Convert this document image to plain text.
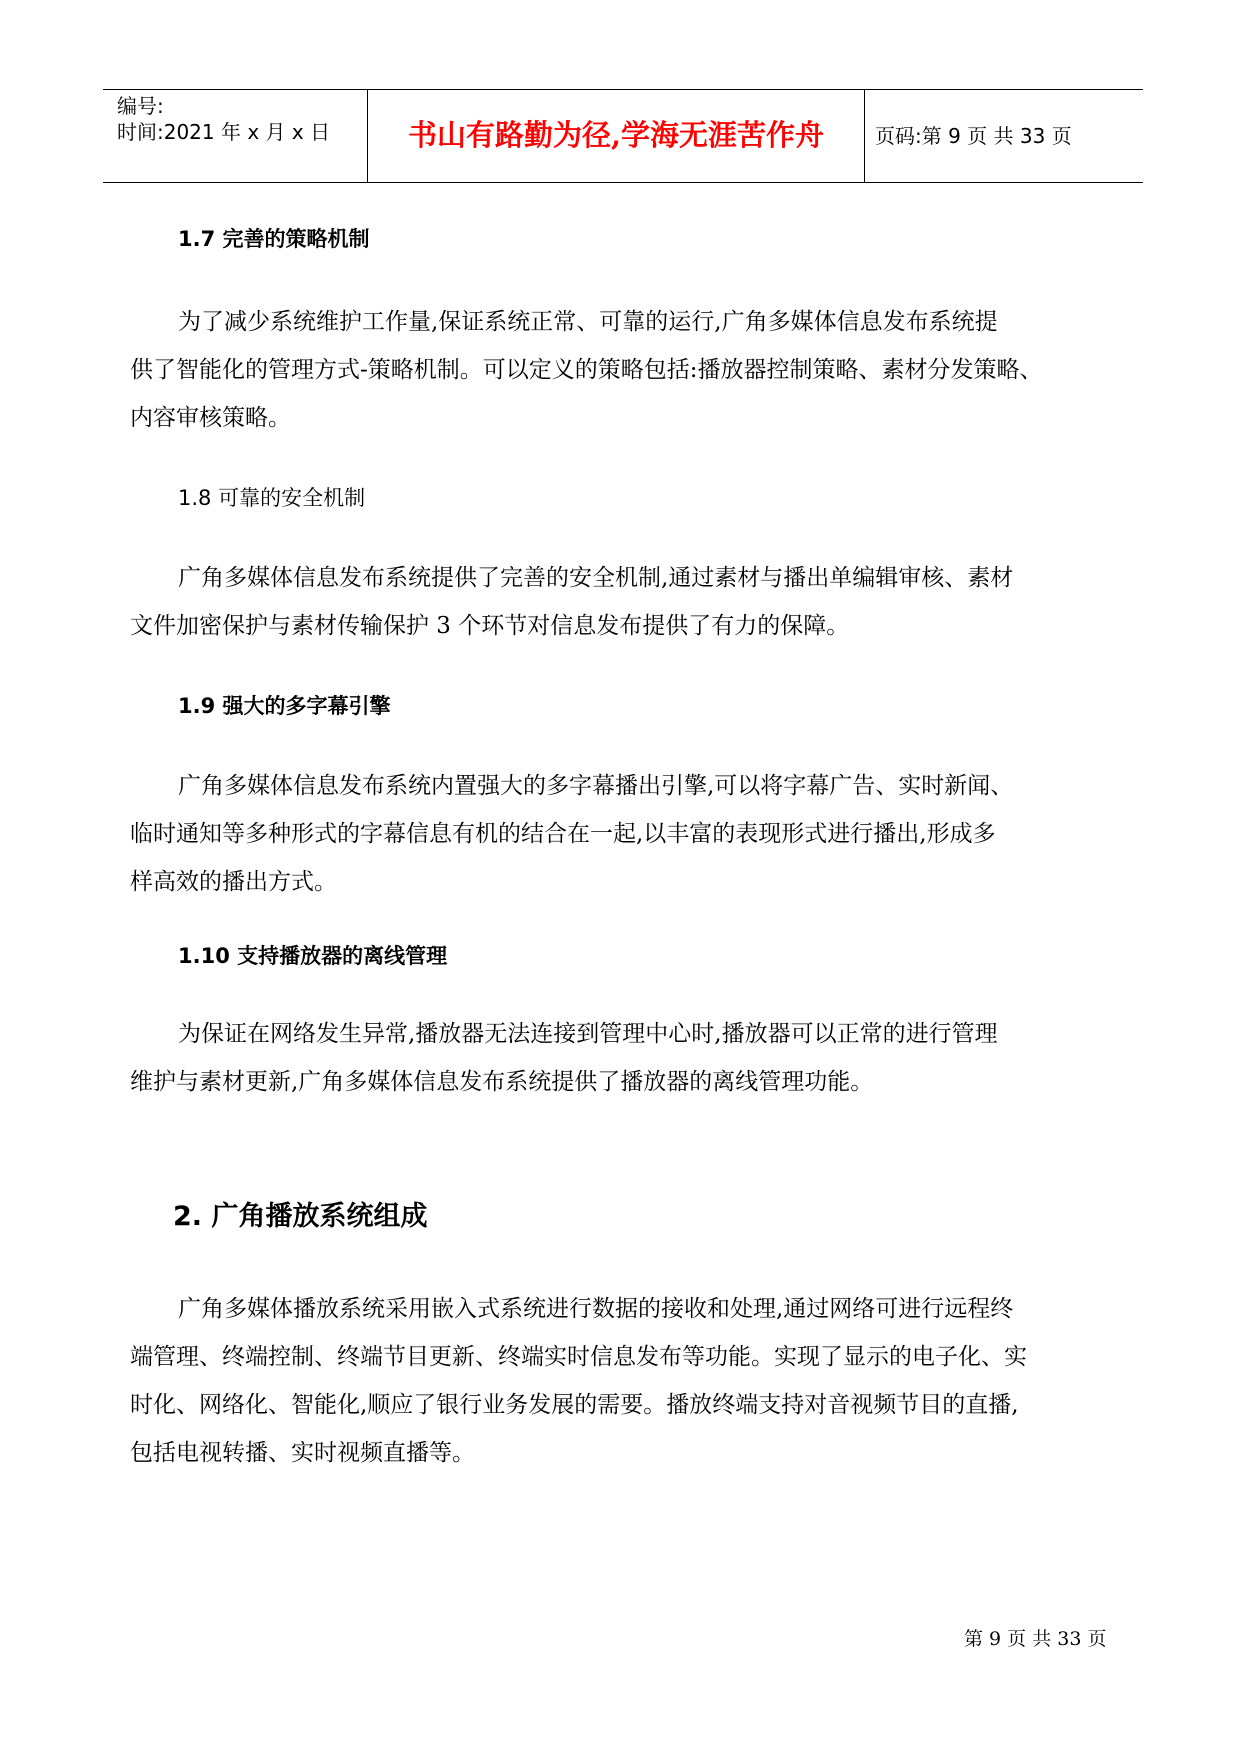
编号:
时间:2021 年 x 月 x 日	书山有路勤为径,学海无涯苦作舟	页码:第 9 页 共 33 页
1.7 完善的策略机制
为了减少系统维护工作量,保证系统正常、可靠的运行,广角多媒体信息发布系统提
供了智能化的管理方式-策略机制。可以定义的策略包括:播放器控制策略、素材分发策略、
内容审核策略。
1.8 可靠的安全机制
广角多媒体信息发布系统提供了完善的安全机制,通过素材与播出单编辑审核、素材
文件加密保护与素材传输保护 3 个环节对信息发布提供了有力的保障。
1.9 强大的多字幕引擎
广角多媒体信息发布系统内置强大的多字幕播出引擎,可以将字幕广告、实时新闻、
临时通知等多种形式的字幕信息有机的结合在一起,以丰富的表现形式进行播出,形成多
样高效的播出方式。
1.10 支持播放器的离线管理
为保证在网络发生异常,播放器无法连接到管理中心时,播放器可以正常的进行管理
维护与素材更新,广角多媒体信息发布系统提供了播放器的离线管理功能。
2. 广角播放系统组成
广角多媒体播放系统采用嵌入式系统进行数据的接收和处理,通过网络可进行远程终
端管理、终端控制、终端节目更新、终端实时信息发布等功能。实现了显示的电子化、实
时化、网络化、智能化,顺应了银行业务发展的需要。播放终端支持对音视频节目的直播,
包括电视转播、实时视频直播等。
第 9 页 共 33 页
